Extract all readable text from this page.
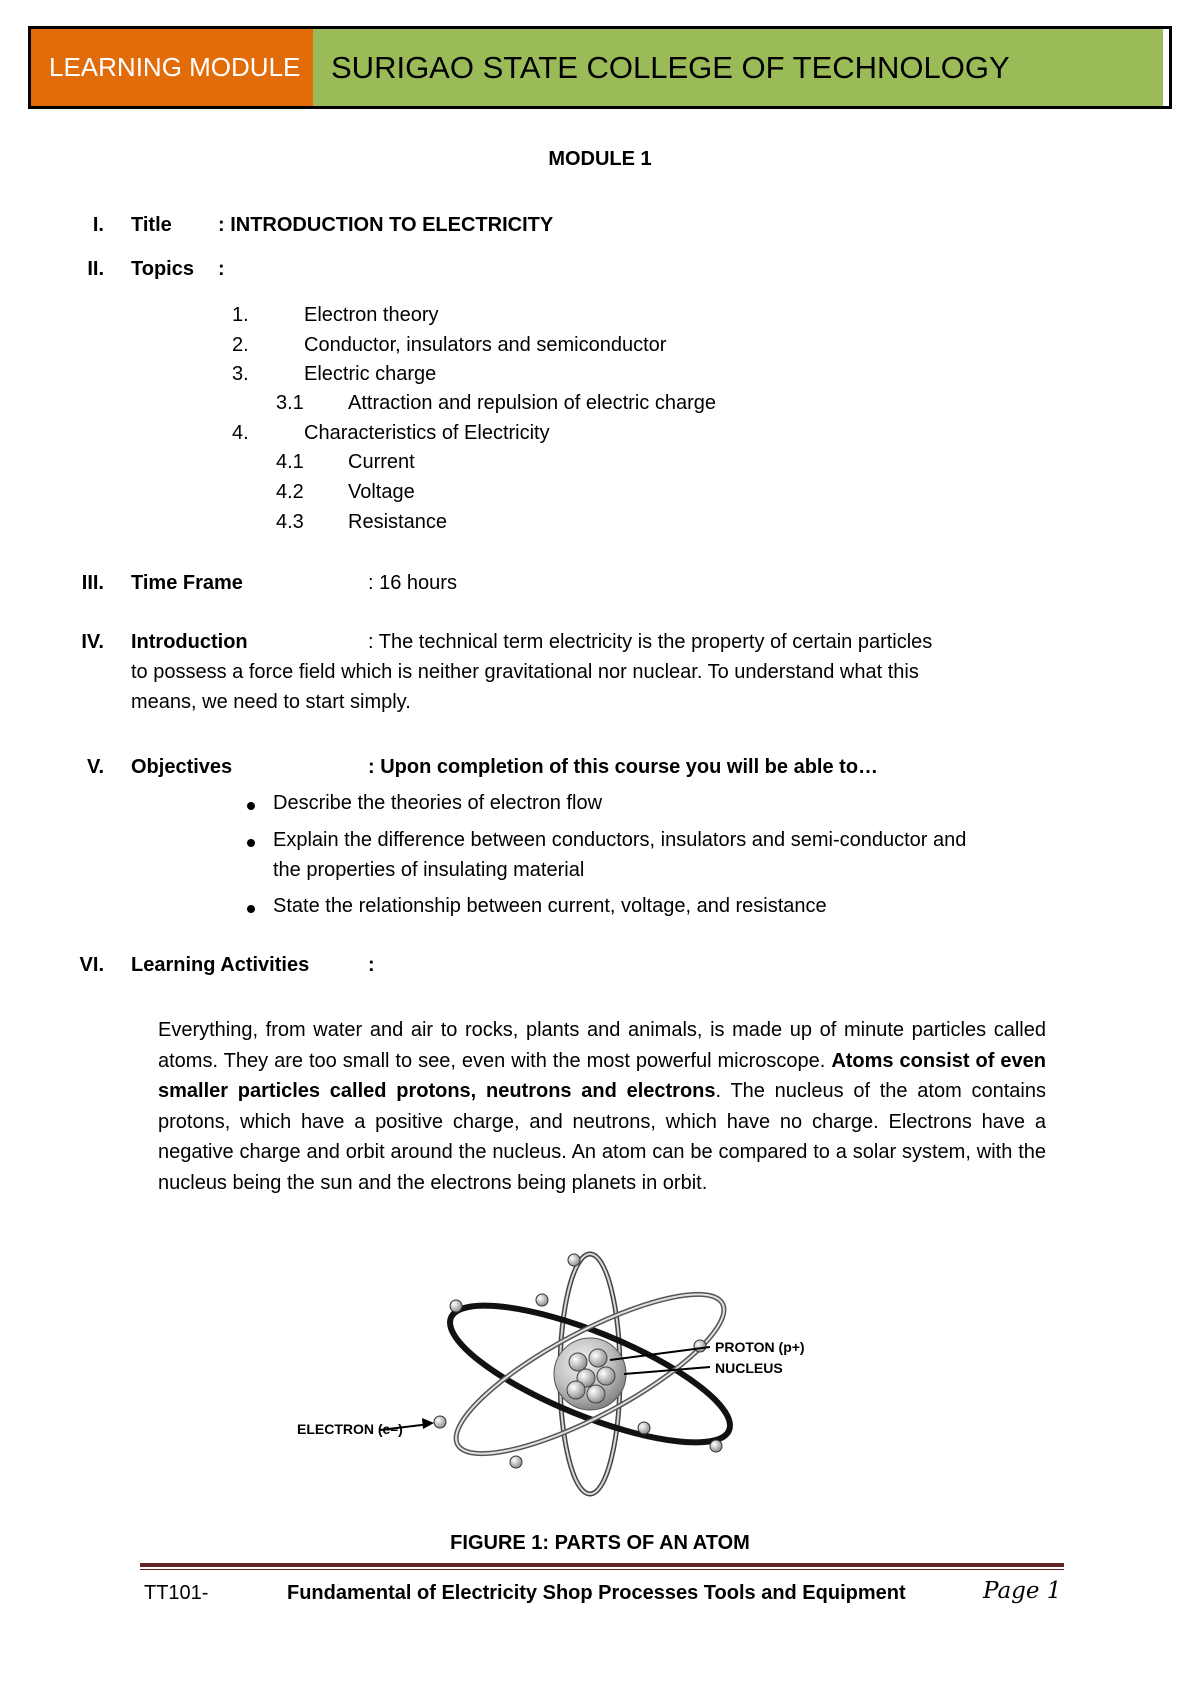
LEARNING MODULE SURIGAO STATE COLLEGE OF TECHNOLOGY
MODULE 1
I. Title : INTRODUCTION TO ELECTRICITY
II. Topics :
1.	Electron theory
2.	Conductor, insulators and semiconductor
3.	Electric charge
3.1 Attraction and repulsion of electric charge
4.	Characteristics of Electricity
4.1 Current
4.2 Voltage
4.3 Resistance
III. Time Frame	: 16 hours
IV. Introduction	: The technical term electricity is the property of certain particles
to possess a force field which is neither gravitational nor nuclear. To understand what this
means, we need to start simply.
V. Objectives	: Upon completion of this course you will be able to…
Describe the theories of electron flow
Explain the difference between conductors, insulators and semi-conductor and
the properties of insulating material
State the relationship between current, voltage, and resistance
VI. Learning Activities	:
Everything, from water and air to rocks, plants and animals, is made up of minute particles called atoms. They are too small to see, even with the most powerful microscope. Atoms consist of even smaller particles called protons, neutrons and electrons. The nucleus of the atom contains protons, which have a positive charge, and neutrons, which have no charge. Electrons have a negative charge and orbit around the nucleus. An atom can be compared to a solar system, with the nucleus being the sun and the electrons being planets in orbit.
PROTON (p+)
NUCLEUS
ELECTRON (e–)
FIGURE 1: PARTS OF AN ATOM
TT101-	Fundamental of Electricity Shop Processes Tools and Equipment	Page 1
